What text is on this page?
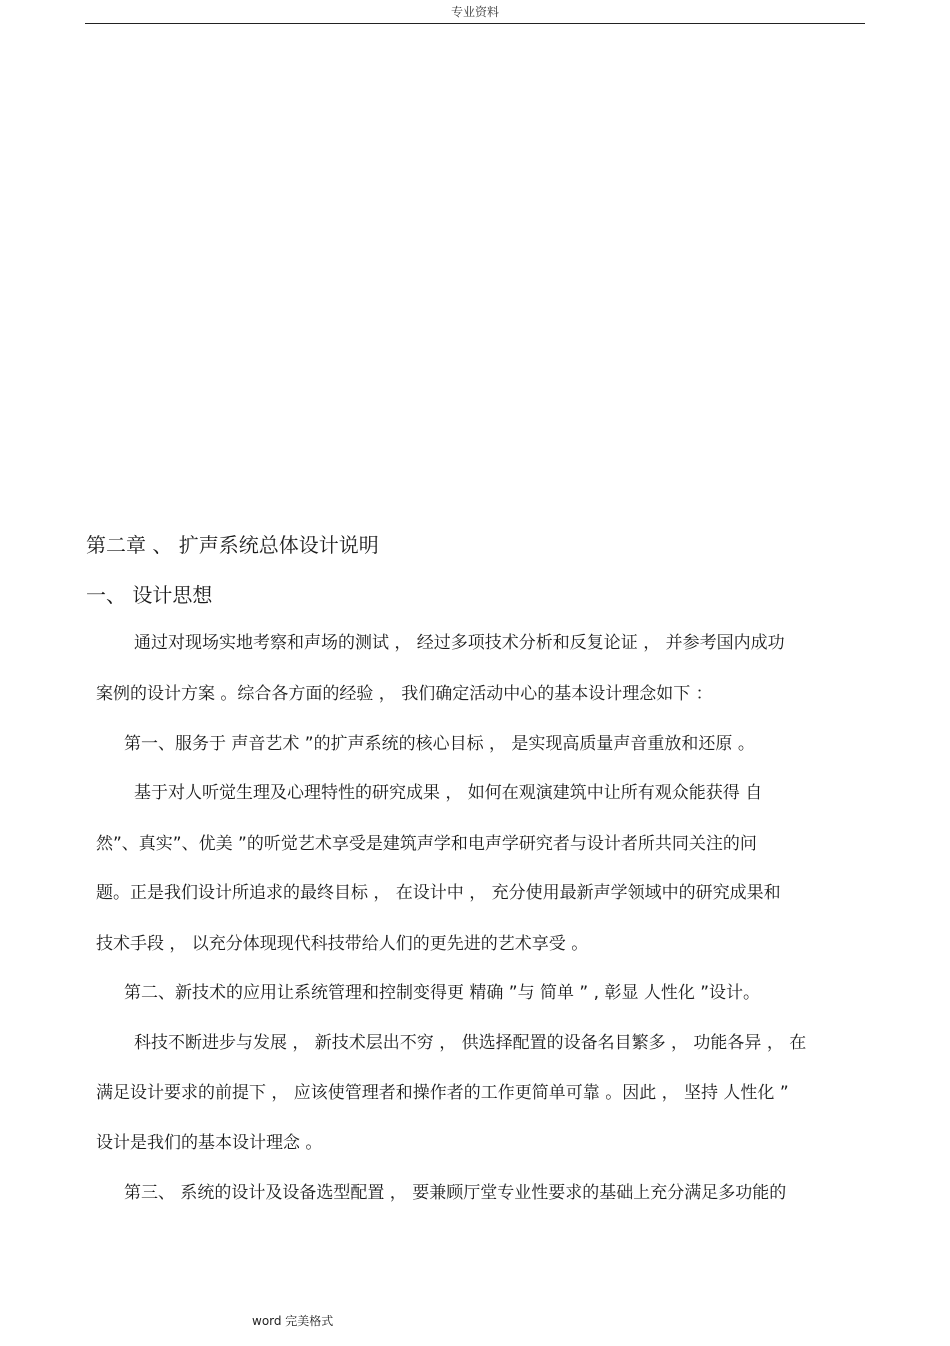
专业资料
第二章 、 扩声系统总体设计说明
一、 设计思想
通过对现场实地考察和声场的测试 ， 经过多项技术分析和反复论证 ， 并参考国内成功
案例的设计方案 。综合各方面的经验 ， 我们确定活动中心的基本设计理念如下 ：
第一、服务于 声音艺术 ”的扩声系统的核心目标 ， 是实现高质量声音重放和还原 。
基于对人听觉生理及心理特性的研究成果 ， 如何在观演建筑中让所有观众能获得 自
然”、真实”、优美 ”的听觉艺术享受是建筑声学和电声学研究者与设计者所共同关注的问
题。正是我们设计所追求的最终目标 ， 在设计中 ， 充分使用最新声学领域中的研究成果和
技术手段 ， 以充分体现现代科技带给人们的更先进的艺术享受 。
第二、新技术的应用让系统管理和控制变得更 精确 ”与 简单 ” , 彰显 人性化 ”设计。
科技不断进步与发展 ， 新技术层出不穷 ， 供选择配置的设备名目繁多 ， 功能各异 ， 在
满足设计要求的前提下 ， 应该使管理者和操作者的工作更简单可靠 。因此 ， 坚持 人性化 ”
设计是我们的基本设计理念 。
第三、 系统的设计及设备选型配置 ， 要兼顾厅堂专业性要求的基础上充分满足多功能的
word 完美格式
